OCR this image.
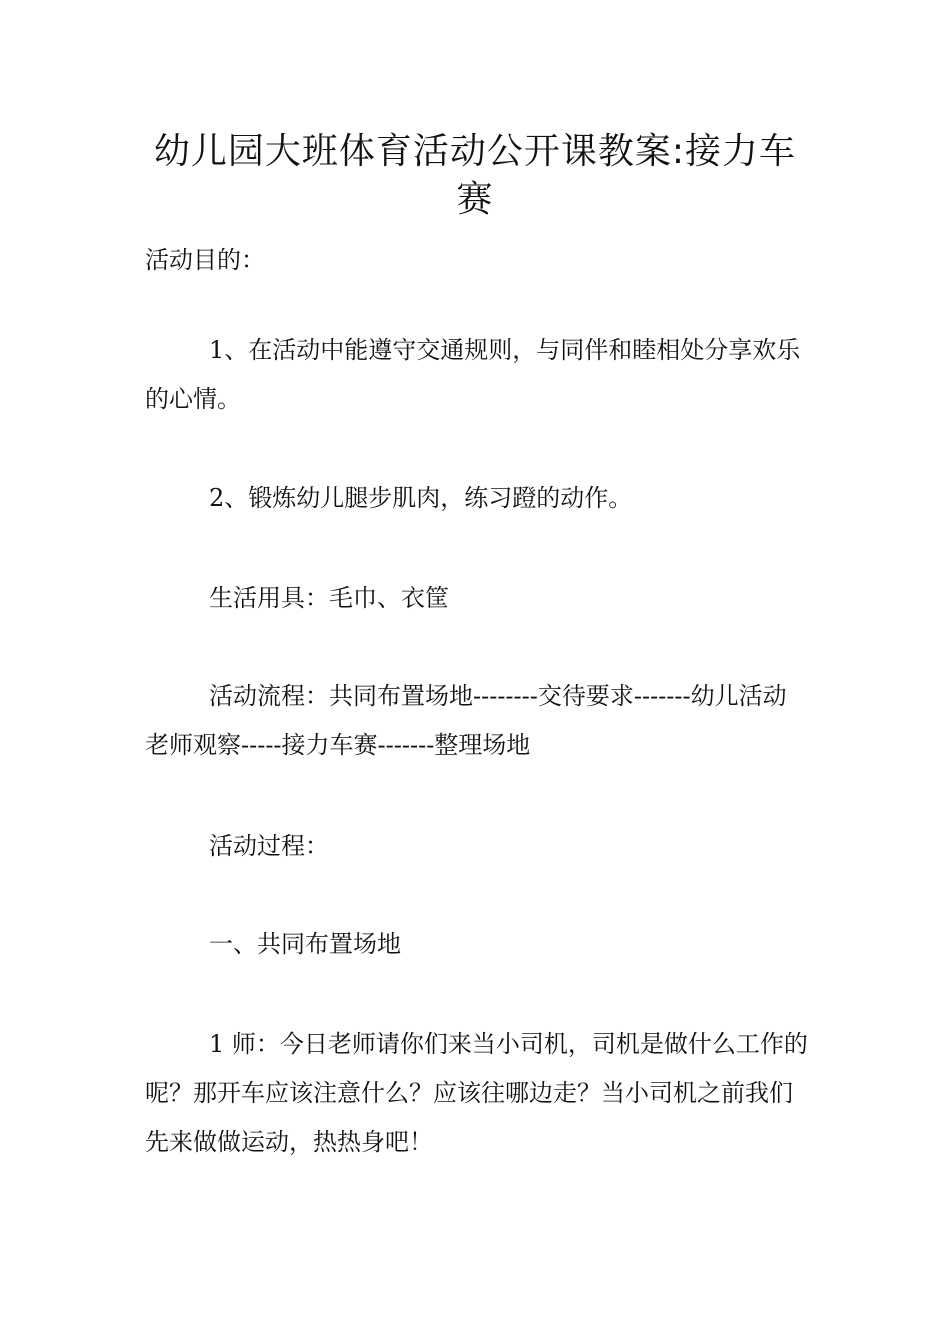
幼儿园大班体育活动公开课教案:接力车赛

活动目的：

1、在活动中能遵守交通规则，与同伴和睦相处分享欢乐的心情。

2、锻炼幼儿腿步肌肉，练习蹬的动作。

生活用具：毛巾、衣筐

活动流程：共同布置场地--------交待要求-------幼儿活动老师观察-----接力车赛-------整理场地

活动过程：

一、共同布置场地

1 师：今日老师请你们来当小司机，司机是做什么工作的呢？那开车应该注意什么？应该往哪边走？当小司机之前我们先来做做运动，热热身吧！
